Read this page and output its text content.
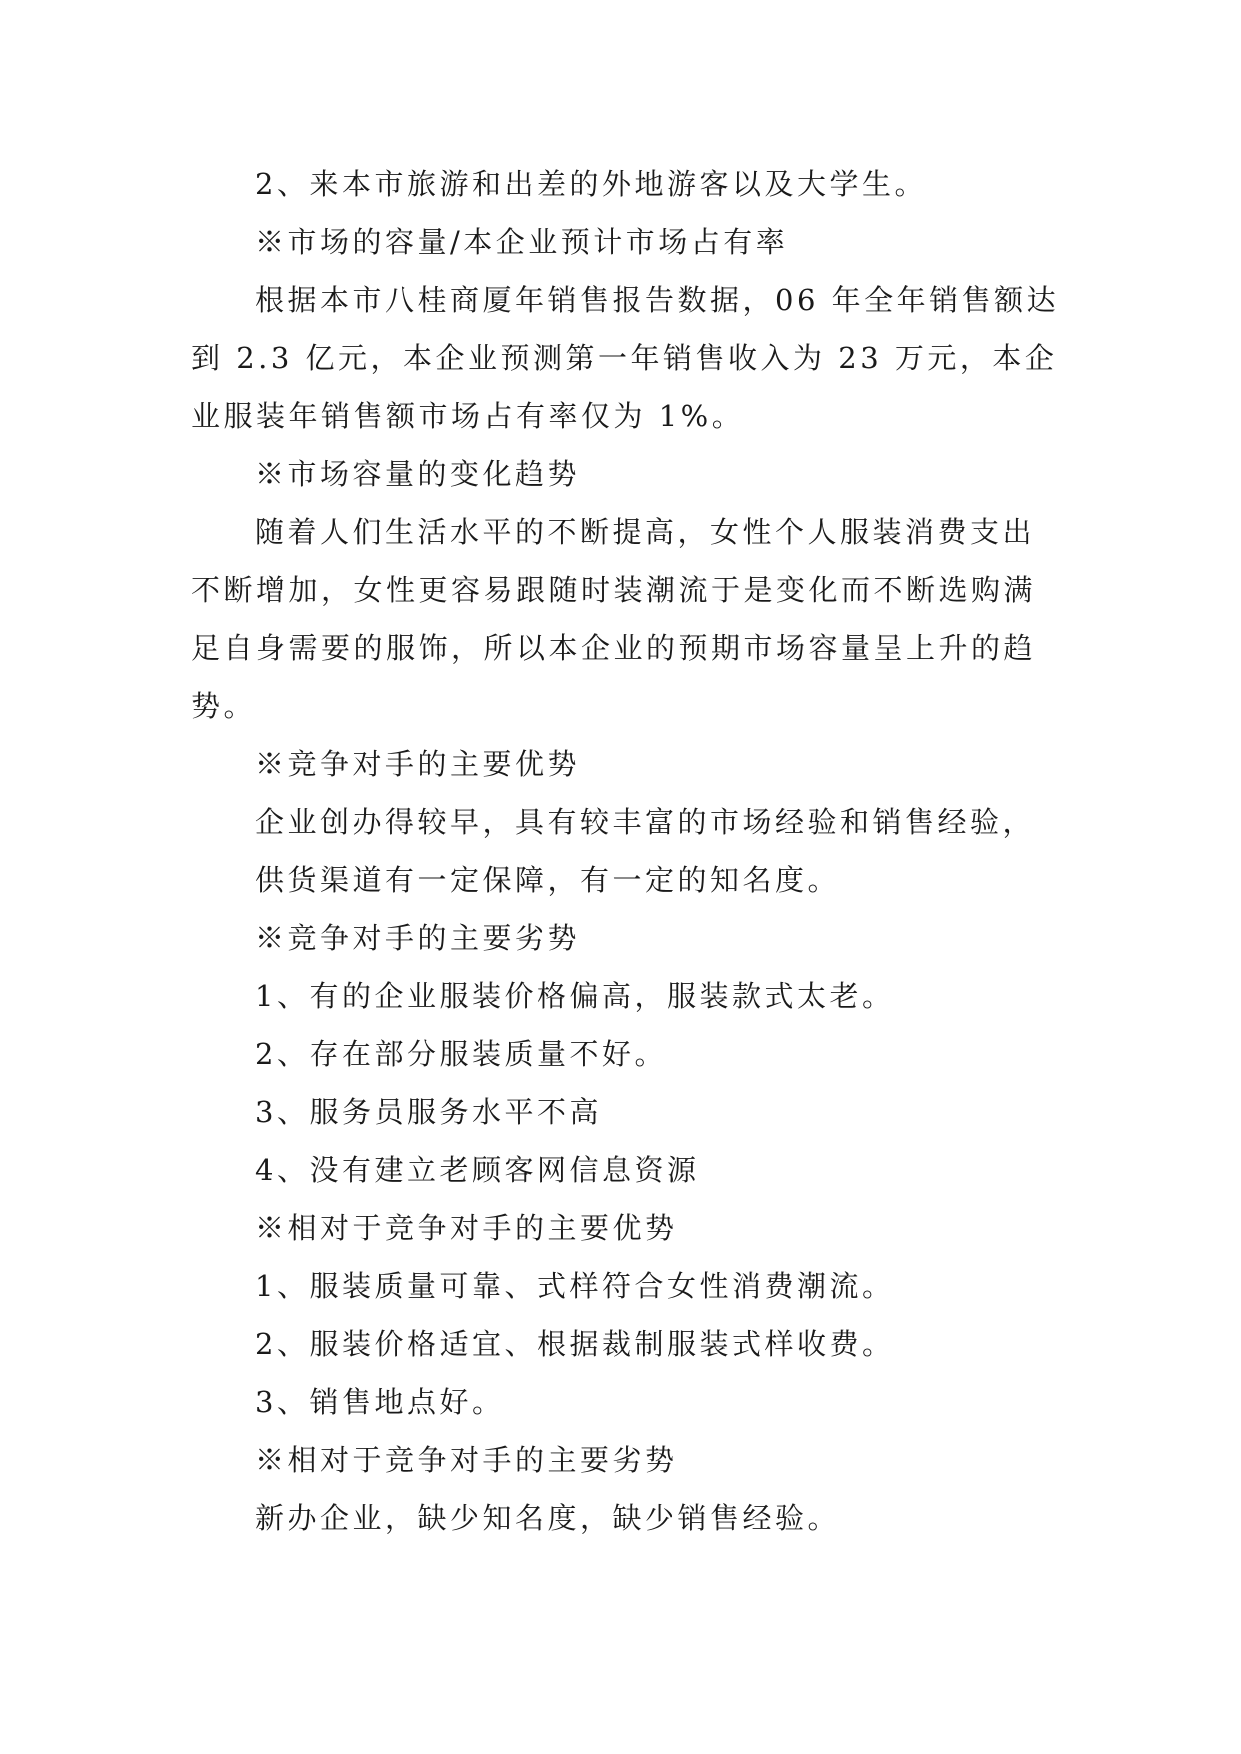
2、来本市旅游和出差的外地游客以及大学生。
※市场的容量/本企业预计市场占有率
根据本市八桂商厦年销售报告数据，06 年全年销售额达
到 2.3 亿元，本企业预测第一年销售收入为 23 万元，本企
业服装年销售额市场占有率仅为 1%。
※市场容量的变化趋势
随着人们生活水平的不断提高，女性个人服装消费支出
不断增加，女性更容易跟随时装潮流于是变化而不断选购满
足自身需要的服饰，所以本企业的预期市场容量呈上升的趋
势。
※竞争对手的主要优势
企业创办得较早，具有较丰富的市场经验和销售经验，
供货渠道有一定保障，有一定的知名度。
※竞争对手的主要劣势
1、有的企业服装价格偏高，服装款式太老。
2、存在部分服装质量不好。
3、服务员服务水平不高
4、没有建立老顾客网信息资源
※相对于竞争对手的主要优势
1、服装质量可靠、式样符合女性消费潮流。
2、服装价格适宜、根据裁制服装式样收费。
3、销售地点好。
※相对于竞争对手的主要劣势
新办企业，缺少知名度，缺少销售经验。
